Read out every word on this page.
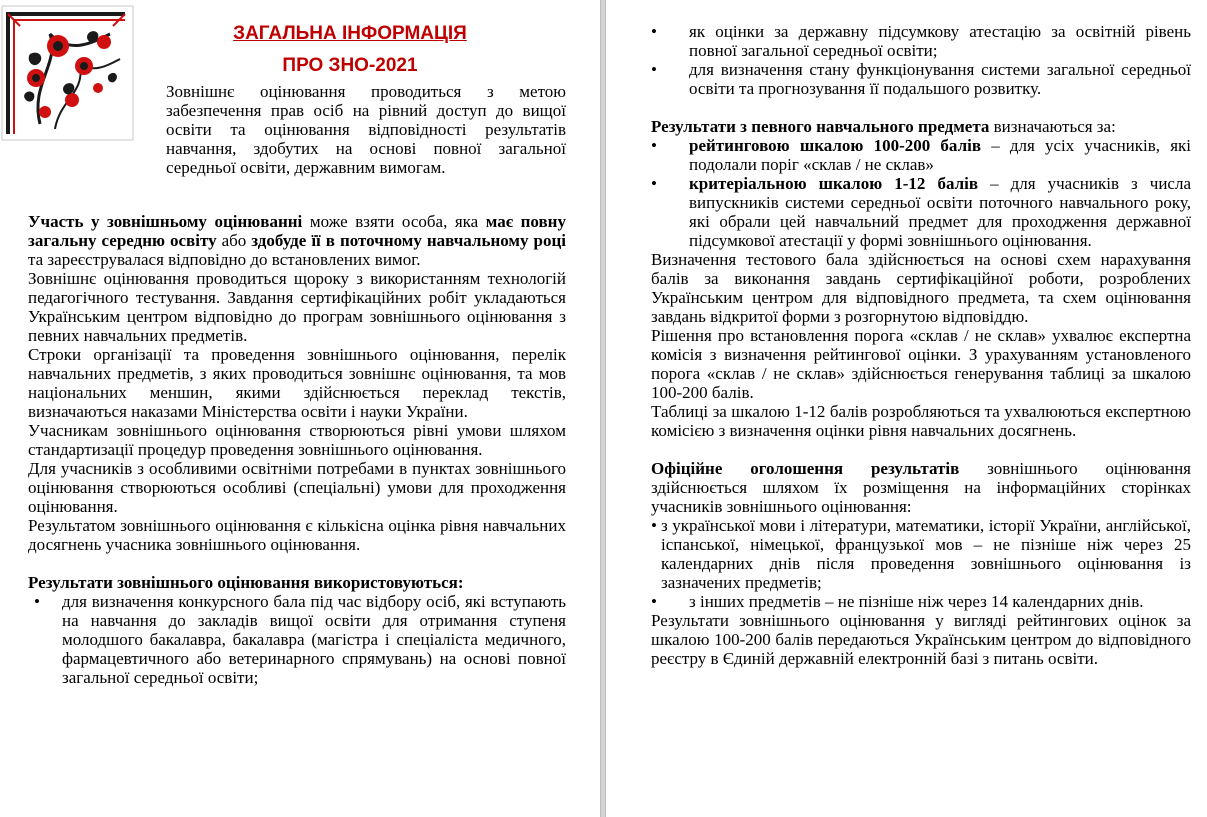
ЗАГАЛЬНА ІНФОРМАЦІЯ
ПРО ЗНО-2021

Зовнішнє оцінювання проводиться з метою забезпечення прав осіб на рівний доступ до вищої освіти та оцінювання відповідності результатів навчання, здобутих на основі повної загальної середньої освіти, державним вимогам.

Участь у зовнішньому оцінюванні може взяти особа, яка має повну загальну середню освіту або здобуде її в поточному навчальному році та зареєструвалася відповідно до встановлених вимог.

Зовнішнє оцінювання проводиться щороку з використанням технологій педагогічного тестування. Завдання сертифікаційних робіт укладаються Українським центром відповідно до програм зовнішнього оцінювання з певних навчальних предметів.

Строки організації та проведення зовнішнього оцінювання, перелік навчальних предметів, з яких проводиться зовнішнє оцінювання, та мов національних меншин, якими здійснюється переклад текстів, визначаються наказами Міністерства освіти і науки України.

Учасникам зовнішнього оцінювання створюються рівні умови шляхом стандартизації процедур проведення зовнішнього оцінювання.

Для учасників з особливими освітніми потребами в пунктах зовнішнього оцінювання створюються особливі (спеціальні) умови для проходження оцінювання.

Результатом зовнішнього оцінювання є кількісна оцінка рівня навчальних досягнень учасника зовнішнього оцінювання.

Результати зовнішнього оцінювання використовуються:

•	для визначення конкурсного бала під час відбору осіб, які вступають на навчання до закладів вищої освіти для отримання ступеня молодшого бакалавра, бакалавра (магістра і спеціаліста медичного, фармацевтичного або ветеринарного спрямувань) на основі повної загальної середньої освіти;
•	як оцінки за державну підсумкову атестацію за освітній рівень повної загальної середньої освіти;
•	для визначення стану функціонування системи загальної середньої освіти та прогнозування її подальшого розвитку.

Результати з певного навчального предмета визначаються за:

•	рейтинговою шкалою 100-200 балів – для усіх учасників, які подолали поріг «склав / не склав»
•	критеріальною шкалою 1-12 балів – для учасників з числа випускників системи середньої освіти поточного навчального року, які обрали цей навчальний предмет для проходження державної підсумкової атестації у формі зовнішнього оцінювання.

Визначення тестового бала здійснюється на основі схем нарахування балів за виконання завдань сертифікаційної роботи, розроблених Українським центром для відповідного предмета, та схем оцінювання завдань відкритої форми з розгорнутою відповіддю.

Рішення про встановлення порога «склав / не склав» ухвалює експертна комісія з визначення рейтингової оцінки. З урахуванням установленого порога «склав / не склав» здійснюється генерування таблиці за шкалою 100-200 балів.

Таблиці за шкалою 1-12 балів розробляються та ухвалюються експертною комісією з визначення оцінки рівня навчальних досягнень.

Офіційне оголошення результатів зовнішнього оцінювання здійснюється шляхом їх розміщення на інформаційних сторінках учасників зовнішнього оцінювання:

• з української мови і літератури, математики, історії України, англійської, іспанської, німецької, французької мов – не пізніше ніж через 25 календарних днів після проведення зовнішнього оцінювання із зазначених предметів;
•	з інших предметів – не пізніше ніж через 14 календарних днів.

Результати зовнішнього оцінювання у вигляді рейтингових оцінок за шкалою 100-200 балів передаються Українським центром до відповідного реєстру в Єдиній державній електронній базі з питань освіти.
